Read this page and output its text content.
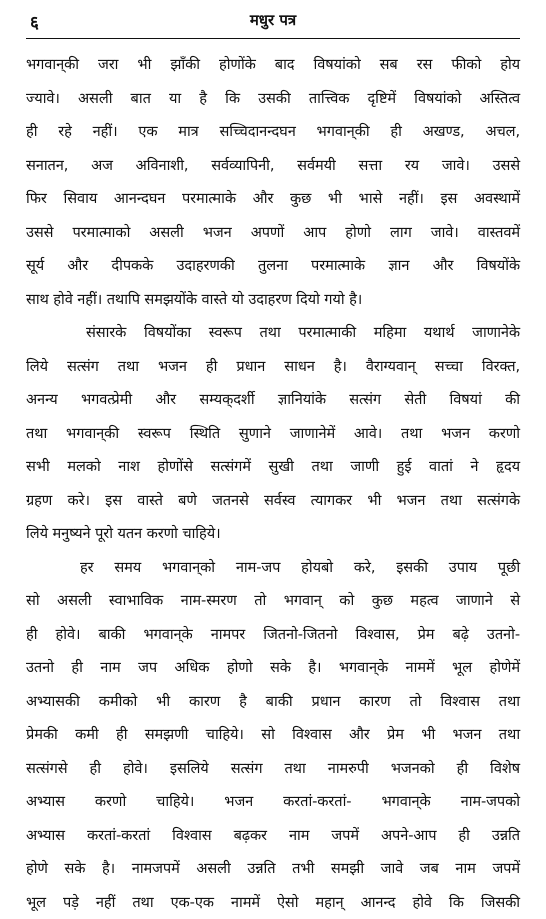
६	मधुर पत्र
भगवान्‌की जरा भी झाँकी होणोंके बाद विषयांको सब रस फीको होय
ज्यावे। असली बात या है कि उसकी तात्त्विक दृष्टिमें विषयांको अस्तित्व
ही रहे नहीं। एक मात्र सच्चिदानन्दघन भगवान्‌की ही अखण्ड, अचल,
सनातन, अज अविनाशी, सर्वव्यापिनी, सर्वमयी सत्ता रय जावे। उससे
फिर सिवाय आनन्दघन परमात्माके और कुछ भी भासे नहीं। इस अवस्थामें
उससे परमात्माको असली भजन अपणों आप होणो लाग जावे। वास्तवमें
सूर्य और दीपकके उदाहरणकी तुलना परमात्माके ज्ञान और विषयोंके
साथ होवे नहीं। तथापि समझयोंके वास्ते यो उदाहरण दियो गयो है।
संसारके विषयोंका स्वरूप तथा परमात्माकी महिमा यथार्थ जाणानेके
लिये सत्संग तथा भजन ही प्रधान साधन है। वैराग्यवान् सच्चा विरक्त,
अनन्य भगवत्प्रेमी और सम्यक्‌दर्शी ज्ञानियांके सत्संग सेती विषयां की
तथा भगवान्‌की स्वरूप स्थिति सुणाने जाणानेमें आवे। तथा भजन करणो
सभी मलको नाश होणोंसे सत्संगमें सुखी तथा जाणी हुई वातां ने हृदय
ग्रहण करे। इस वास्ते बणे जतनसे सर्वस्व त्यागकर भी भजन तथा सत्संगके
लिये मनुष्यने पूरो यतन करणो चाहिये।
हर समय भगवान्‌को नाम-जप होयबो करे, इसकी उपाय पूछी
सो असली स्वाभाविक नाम-स्मरण तो भगवान् को कुछ महत्व जाणाने से
ही होवे। बाकी भगवान्‌के नामपर जितनो-जितनो विश्वास, प्रेम बढ़े उतनो-
उतनो ही नाम जप अधिक होणो सके है। भगवान्‌के नाममें भूल होणेमें
अभ्यासकी कमीको भी कारण है बाकी प्रधान कारण तो विश्वास तथा
प्रेमकी कमी ही समझणी चाहिये। सो विश्वास और प्रेम भी भजन तथा
सत्संगसे ही होवे। इसलिये सत्संग तथा नामरुपी भजनको ही विशेष
अभ्यास करणो चाहिये। भजन करतां-करतां- भगवान्‌के नाम-जपको
अभ्यास करतां-करतां विश्वास बढ़कर नाम जपमें अपने-आप ही उन्नति
होणे सके है। नामजपमें असली उन्नति तभी समझी जावे जब नाम जपमें
भूल पड़े नहीं तथा एक-एक नाममें ऐसो महान् आनन्द होवे कि जिसकी
